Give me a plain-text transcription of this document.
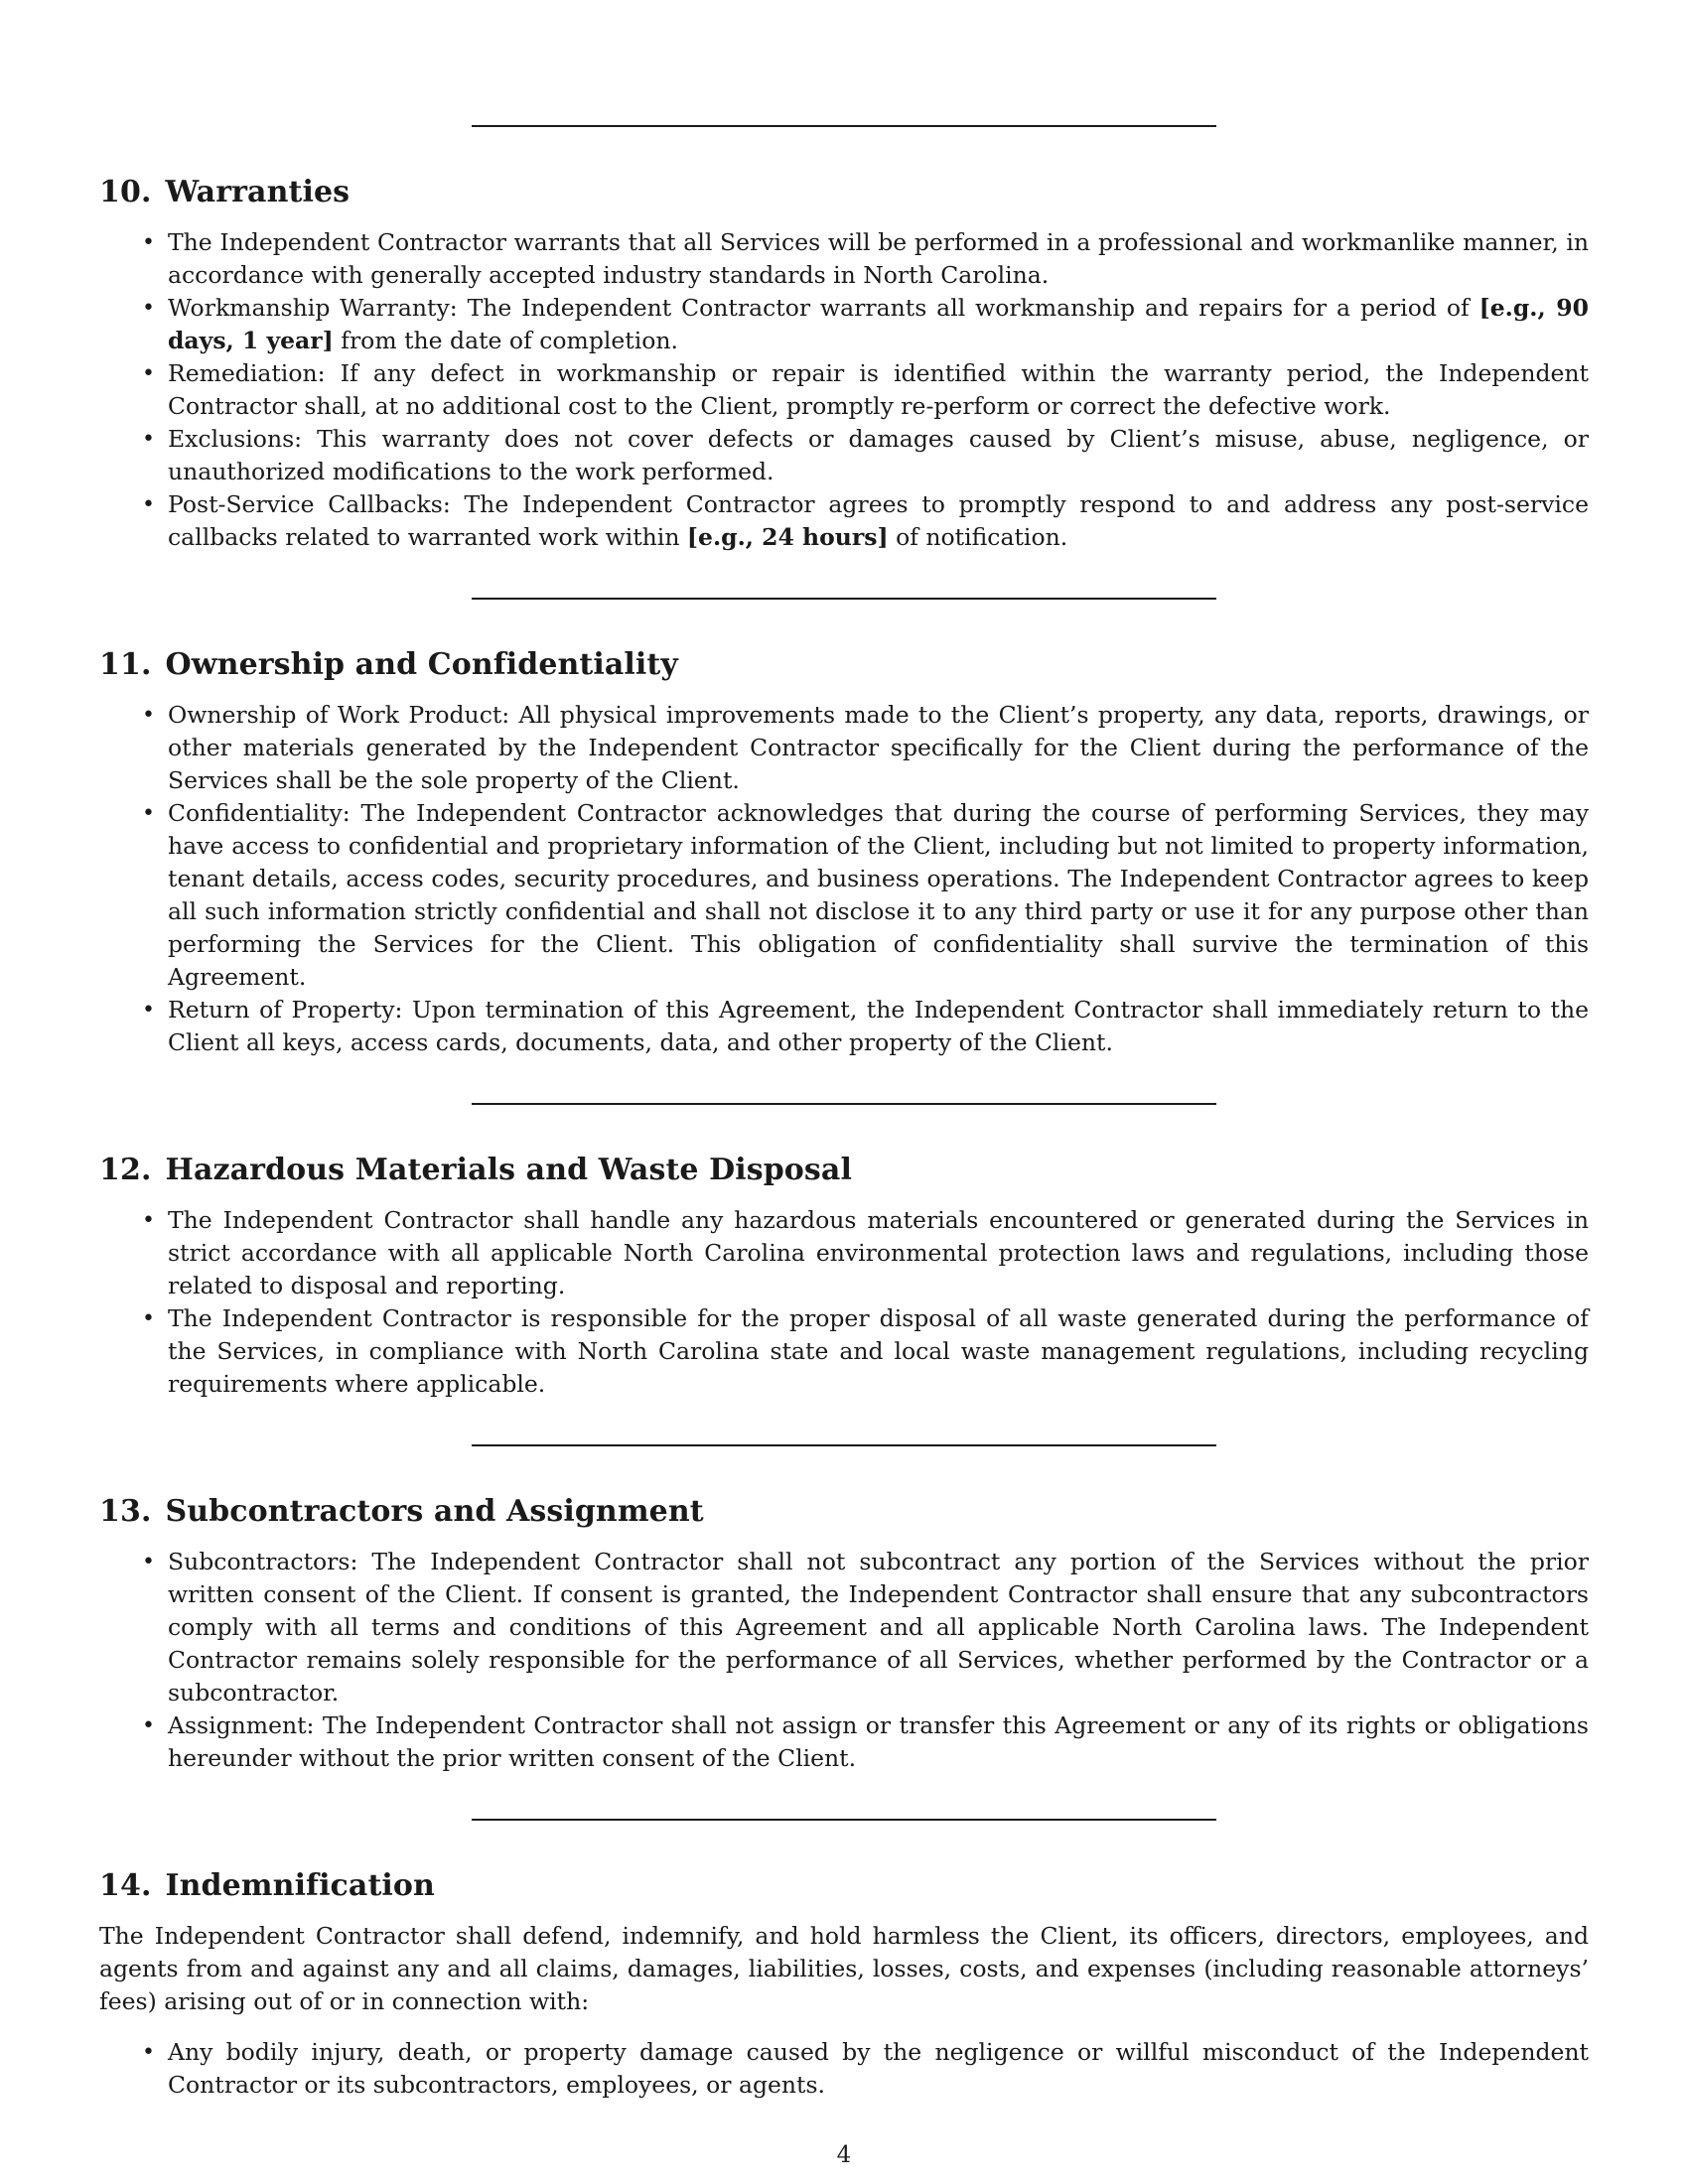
10. Warranties
• The Independent Contractor warrants that all Services will be performed in a professional and workmanlike manner, in accordance with generally accepted industry standards in North Carolina.
• Workmanship Warranty: The Independent Contractor warrants all workmanship and repairs for a period of [e.g., 90 days, 1 year] from the date of completion.
• Remediation: If any defect in workmanship or repair is identified within the warranty period, the Independent Contractor shall, at no additional cost to the Client, promptly re-perform or correct the defective work.
• Exclusions: This warranty does not cover defects or damages caused by Client’s misuse, abuse, negligence, or unauthorized modifications to the work performed.
• Post-Service Callbacks: The Independent Contractor agrees to promptly respond to and address any post-service callbacks related to warranted work within [e.g., 24 hours] of notification.
11. Ownership and Confidentiality
• Ownership of Work Product: All physical improvements made to the Client’s property, any data, reports, drawings, or other materials generated by the Independent Contractor specifically for the Client during the performance of the Services shall be the sole property of the Client.
• Confidentiality: The Independent Contractor acknowledges that during the course of performing Services, they may have access to confidential and proprietary information of the Client, including but not limited to property information, tenant details, access codes, security procedures, and business operations. The Independent Contractor agrees to keep all such information strictly confidential and shall not disclose it to any third party or use it for any purpose other than performing the Services for the Client. This obligation of confidentiality shall survive the termination of this Agreement.
• Return of Property: Upon termination of this Agreement, the Independent Contractor shall immediately return to the Client all keys, access cards, documents, data, and other property of the Client.
12. Hazardous Materials and Waste Disposal
• The Independent Contractor shall handle any hazardous materials encountered or generated during the Services in strict accordance with all applicable North Carolina environmental protection laws and regulations, including those related to disposal and reporting.
• The Independent Contractor is responsible for the proper disposal of all waste generated during the performance of the Services, in compliance with North Carolina state and local waste management regulations, including recycling requirements where applicable.
13. Subcontractors and Assignment
• Subcontractors: The Independent Contractor shall not subcontract any portion of the Services without the prior written consent of the Client. If consent is granted, the Independent Contractor shall ensure that any subcontractors comply with all terms and conditions of this Agreement and all applicable North Carolina laws. The Independent Contractor remains solely responsible for the performance of all Services, whether performed by the Contractor or a subcontractor.
• Assignment: The Independent Contractor shall not assign or transfer this Agreement or any of its rights or obligations hereunder without the prior written consent of the Client.
14. Indemnification

The Independent Contractor shall defend, indemnify, and hold harmless the Client, its officers, directors, employees, and agents from and against any and all claims, damages, liabilities, losses, costs, and expenses (including reasonable attorneys’ fees) arising out of or in connection with:

• Any bodily injury, death, or property damage caused by the negligence or willful misconduct of the Independent Contractor or its subcontractors, employees, or agents.
4
